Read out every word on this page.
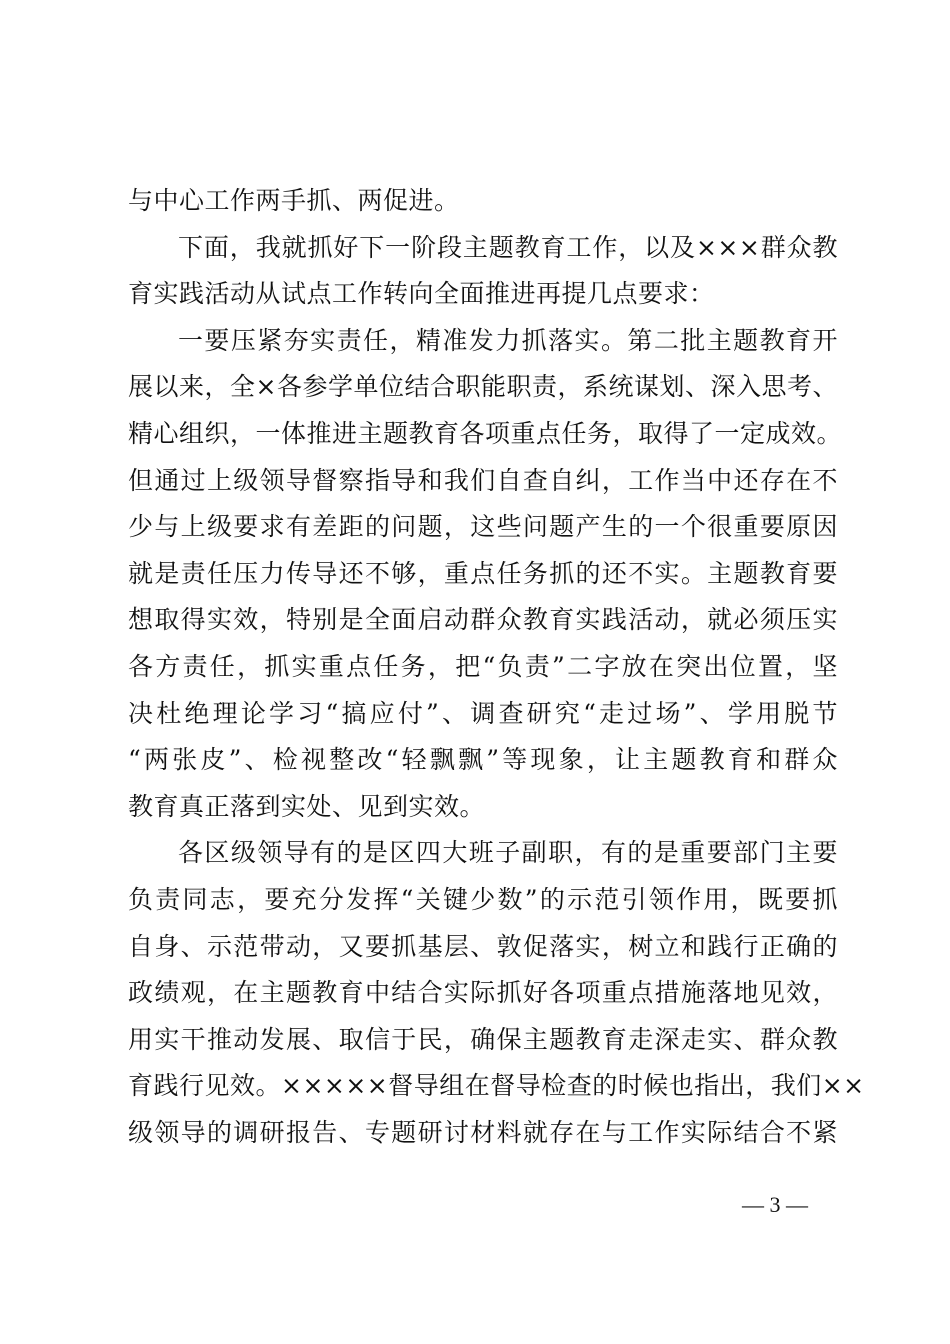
与中心工作两手抓、两促进。
下面，我就抓好下一阶段主题教育工作，以及×××群众教
育实践活动从试点工作转向全面推进再提几点要求：
一要压紧夯实责任，精准发力抓落实。第二批主题教育开
展以来，全×各参学单位结合职能职责，系统谋划、深入思考、
精心组织，一体推进主题教育各项重点任务，取得了一定成效。
但通过上级领导督察指导和我们自查自纠，工作当中还存在不
少与上级要求有差距的问题，这些问题产生的一个很重要原因
就是责任压力传导还不够，重点任务抓的还不实。主题教育要
想取得实效，特别是全面启动群众教育实践活动，就必须压实
各方责任，抓实重点任务，把“负责”二字放在突出位置，坚
决杜绝理论学习“搞应付”、调查研究“走过场”、学用脱节
“两张皮”、检视整改“轻飘飘”等现象，让主题教育和群众
教育真正落到实处、见到实效。
各区级领导有的是区四大班子副职，有的是重要部门主要
负责同志，要充分发挥“关键少数”的示范引领作用，既要抓
自身、示范带动，又要抓基层、敦促落实，树立和践行正确的
政绩观，在主题教育中结合实际抓好各项重点措施落地见效，
用实干推动发展、取信于民，确保主题教育走深走实、群众教
育践行见效。×××××督导组在督导检查的时候也指出，我们××
级领导的调研报告、专题研讨材料就存在与工作实际结合不紧
— 3 —
